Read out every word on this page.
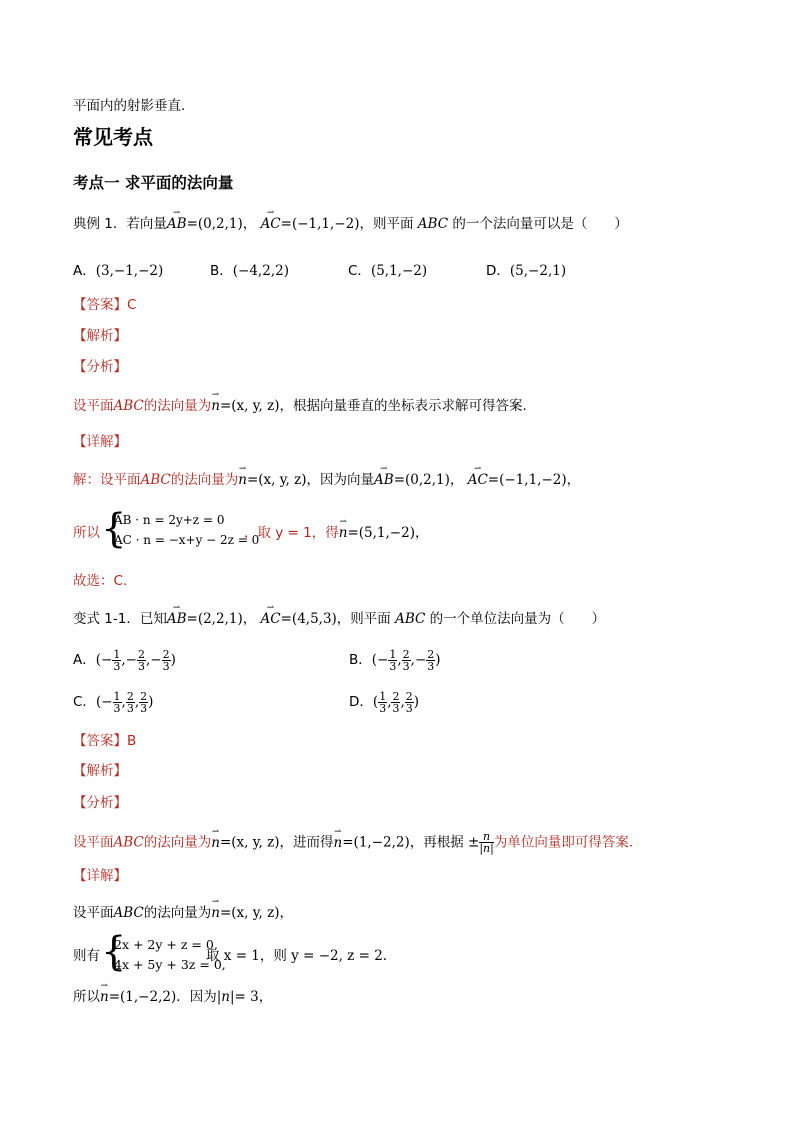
平面内的射影垂直.
常见考点
考点一 求平面的法向量
典例 1．若向量⇀ AB=(0,2,1)， ⇀ AC=(−1,1,−2)，则平面 ABC 的一个法向量可以是（　　）
A．(3,−1,−2)	B．(−4,2,2)	C．(5,1,−2)	D．(5,−2,1)
【答案】C
【解析】
【分析】
设平面ABC的法向量为⇀ n=(x, y, z)，根据向量垂直的坐标表示求解可得答案．
【详解】
解：设平面ABC的法向量为⇀ n=(x, y, z)，因为向量⇀ AB=(0,2,1)， ⇀ AC=(−1,1,−2)，
所以 {
AB · n = 2y+z = 0
AC · n = −x+y − 2z = 0
，取 y = 1，得⇀ n=(5,1,−2)，
故选：C.
变式 1-1．已知⇀ AB=(2,2,1)， ⇀ AC=(4,5,3)，则平面 ABC 的一个单位法向量为（　　）
A．(− $\frac{1}{3}$ ,− $\frac{2}{3}$ ,− $\frac{2}{3}$ )	B．(− $\frac{1}{3}$ , $\frac{2}{3}$ ,− $\frac{2}{3}$ )
C．(− $\frac{1}{3}$ , $\frac{2}{3}$ , $\frac{2}{3}$ )	D．( $\frac{1}{3}$ , $\frac{2}{3}$ , $\frac{2}{3}$ )
【答案】B
【解析】
【分析】
设平面ABC的法向量为⇀ n=(x, y, z)，进而得⇀ n=(1,−2,2)，再根据 ± $\frac{n}{|n|}$ 为单位向量即可得答案．
【详解】
设平面ABC的法向量为⇀ n=(x, y, z)，
则有 {
2x + 2y + z = 0,
4x + 5y + 3z = 0,
取 x = 1，则 y = −2, z = 2.
所以⇀ n=(1,−2,2)．因为|n|= 3，
